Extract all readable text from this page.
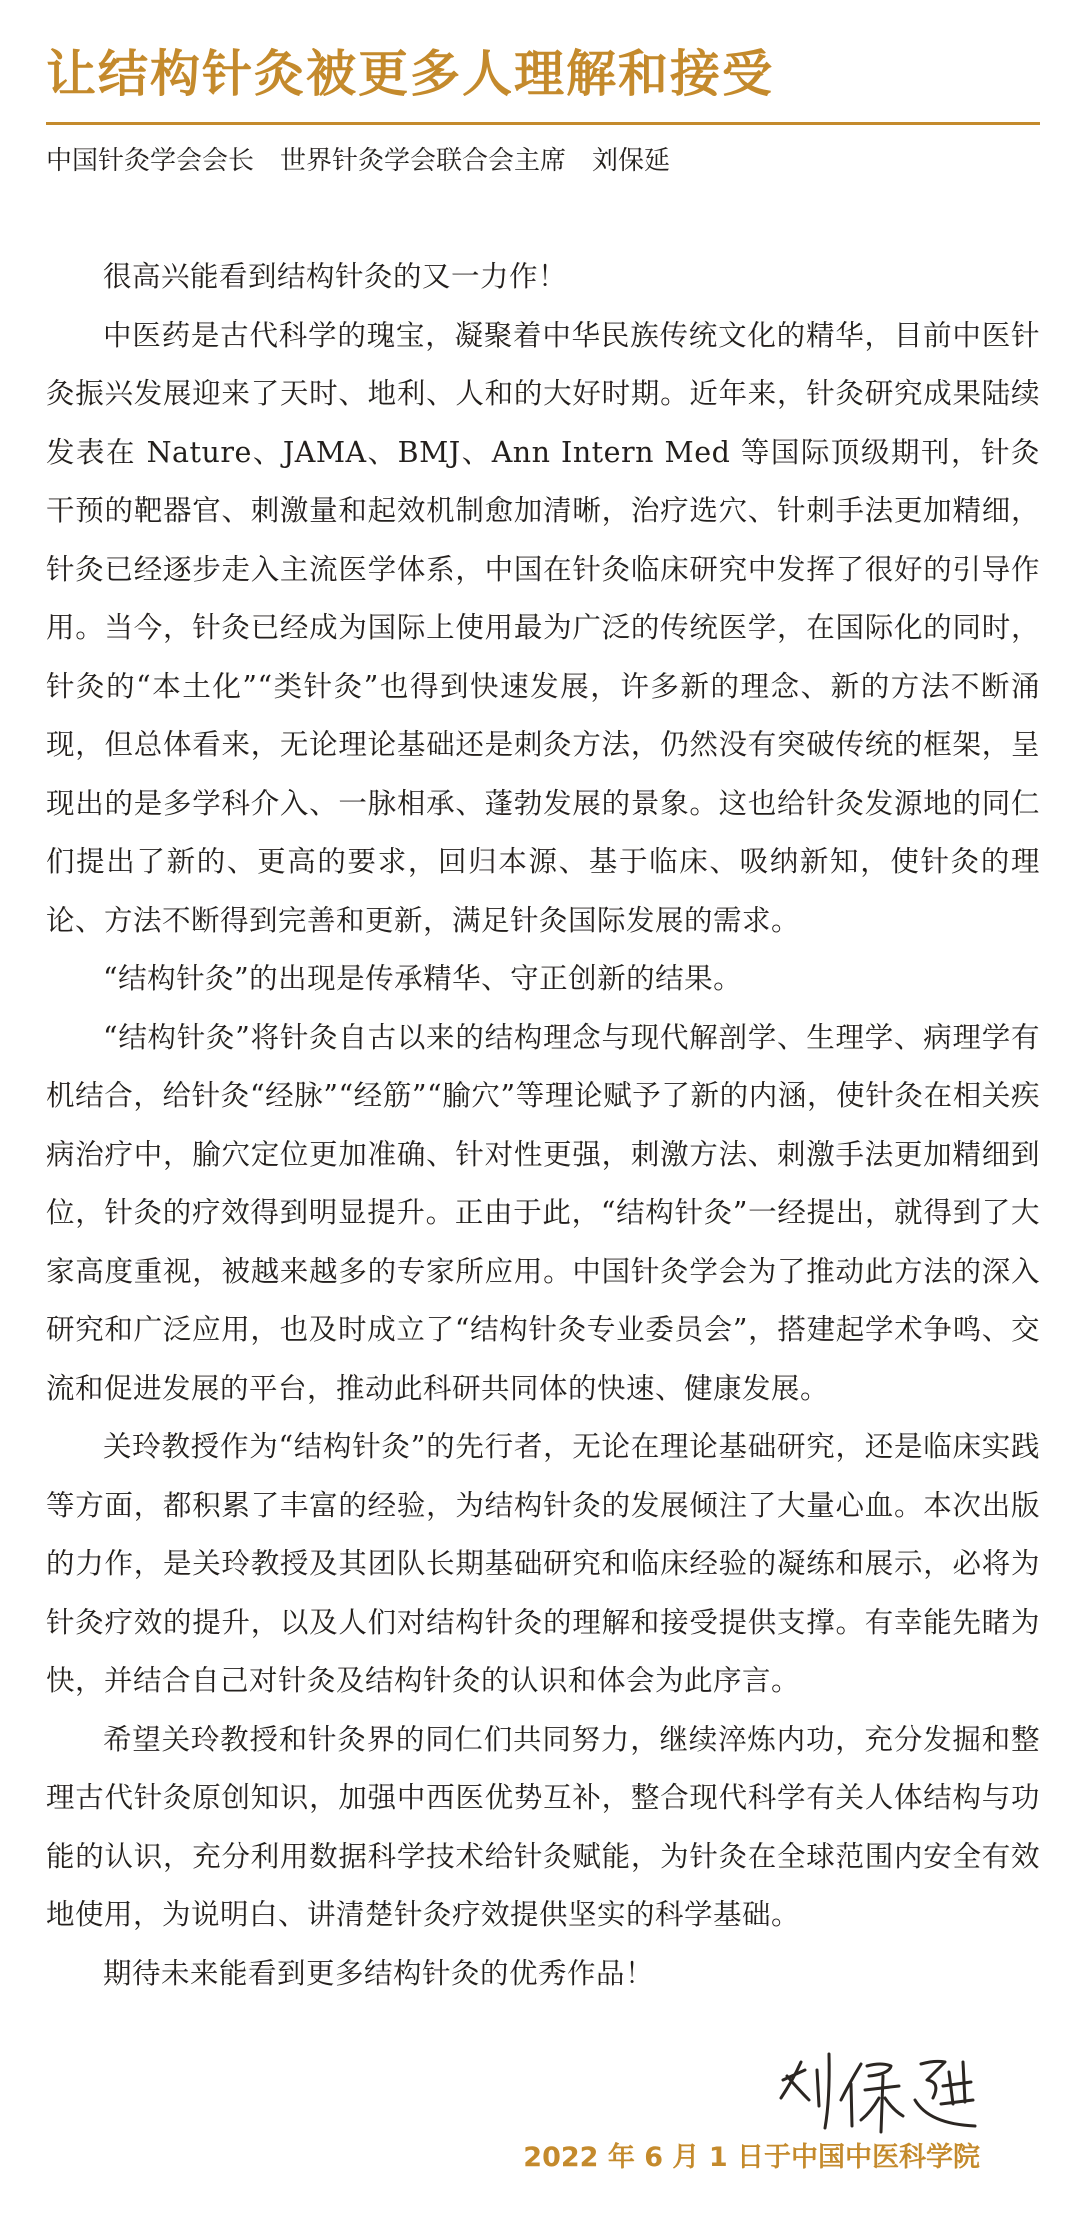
让结构针灸被更多人理解和接受
中国针灸学会会长　世界针灸学会联合会主席　刘保延

很高兴能看到结构针灸的又一力作！

中医药是古代科学的瑰宝，凝聚着中华民族传统文化的精华，目前中医针灸振兴发展迎来了天时、地利、人和的大好时期。近年来，针灸研究成果陆续发表在 Nature、JAMA、BMJ、Ann Intern Med 等国际顶级期刊，针灸干预的靶器官、刺激量和起效机制愈加清晰，治疗选穴、针刺手法更加精细，针灸已经逐步走入主流医学体系，中国在针灸临床研究中发挥了很好的引导作用。当今，针灸已经成为国际上使用最为广泛的传统医学，在国际化的同时，针灸的“本土化”“类针灸”也得到快速发展，许多新的理念、新的方法不断涌现，但总体看来，无论理论基础还是刺灸方法，仍然没有突破传统的框架，呈现出的是多学科介入、一脉相承、蓬勃发展的景象。这也给针灸发源地的同仁们提出了新的、更高的要求，回归本源、基于临床、吸纳新知，使针灸的理论、方法不断得到完善和更新，满足针灸国际发展的需求。

“结构针灸”的出现是传承精华、守正创新的结果。

“结构针灸”将针灸自古以来的结构理念与现代解剖学、生理学、病理学有机结合，给针灸“经脉”“经筋”“腧穴”等理论赋予了新的内涵，使针灸在相关疾病治疗中，腧穴定位更加准确、针对性更强，刺激方法、刺激手法更加精细到位，针灸的疗效得到明显提升。正由于此，“结构针灸”一经提出，就得到了大家高度重视，被越来越多的专家所应用。中国针灸学会为了推动此方法的深入研究和广泛应用，也及时成立了“结构针灸专业委员会”，搭建起学术争鸣、交流和促进发展的平台，推动此科研共同体的快速、健康发展。

关玲教授作为“结构针灸”的先行者，无论在理论基础研究，还是临床实践等方面，都积累了丰富的经验，为结构针灸的发展倾注了大量心血。本次出版的力作，是关玲教授及其团队长期基础研究和临床经验的凝练和展示，必将为针灸疗效的提升，以及人们对结构针灸的理解和接受提供支撑。有幸能先睹为快，并结合自己对针灸及结构针灸的认识和体会为此序言。

希望关玲教授和针灸界的同仁们共同努力，继续淬炼内功，充分发掘和整理古代针灸原创知识，加强中西医优势互补，整合现代科学有关人体结构与功能的认识，充分利用数据科学技术给针灸赋能，为针灸在全球范围内安全有效地使用，为说明白、讲清楚针灸疗效提供坚实的科学基础。

期待未来能看到更多结构针灸的优秀作品！

2022 年 6 月 1 日于中国中医科学院
